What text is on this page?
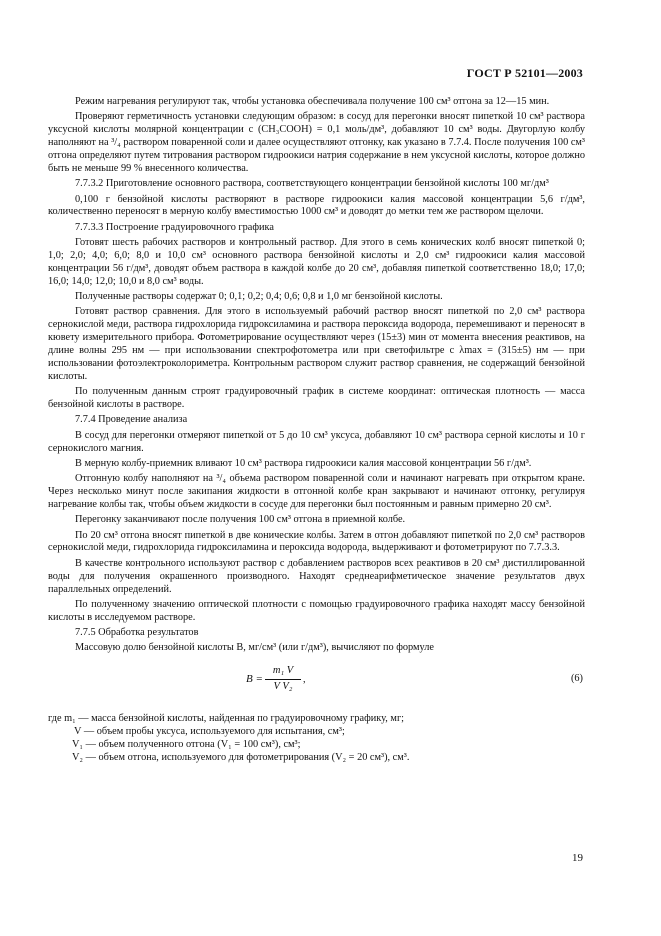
ГОСТ Р 52101—2003

Режим нагревания регулируют так, чтобы установка обеспечивала получение 100 см³ отгона за 12—15 мин.

Проверяют герметичность установки следующим образом: в сосуд для перегонки вносят пипеткой 10 см³ раствора уксусной кислоты молярной концентрации c (CH₃COOH) = 0,1 моль/дм³, добавляют 10 см³ воды. Двугорлую колбу наполняют на ³/₄ раствором поваренной соли и далее осуществляют отгонку, как указано в 7.7.4. После получения 100 см³ отгона определяют путем титрования раствором гидроокиси натрия содержание в нем уксусной кислоты, которое должно быть не меньше 99 % внесенного количества.

7.7.3.2 Приготовление основного раствора, соответствующего концентрации бензойной кислоты 100 мг/дм³

0,100 г бензойной кислоты растворяют в растворе гидроокиси калия массовой концентрации 5,6 г/дм³, количественно переносят в мерную колбу вместимостью 1000 см³ и доводят до метки тем же раствором щелочи.

7.7.3.3 Построение градуировочного графика

Готовят шесть рабочих растворов и контрольный раствор. Для этого в семь конических колб вносят пипеткой 0; 1,0; 2,0; 4,0; 6,0; 8,0 и 10,0 см³ основного раствора бензойной кислоты и 2,0 см³ гидроокиси калия массовой концентрации 56 г/дм³, доводят объем раствора в каждой колбе до 20 см³, добавляя пипеткой соответственно 18,0; 17,0; 16,0; 14,0; 12,0; 10,0 и 8,0 см³ воды.

Полученные растворы содержат 0; 0,1; 0,2; 0,4; 0,6; 0,8 и 1,0 мг бензойной кислоты.

Готовят раствор сравнения. Для этого в используемый рабочий раствор вносят пипеткой по 2,0 см³ раствора сернокислой меди, раствора гидрохлорида гидроксиламина и раствора пероксида водорода, перемешивают и переносят в кювету измерительного прибора. Фотометрирование осуществляют через (15±3) мин от момента внесения реактивов, на длине волны 295 нм — при использовании спектрофотометра или при светофильтре с λmax = (315±5) нм — при использовании фотоэлектроколориметра. Контрольным раствором служит раствор сравнения, не содержащий бензойной кислоты.

По полученным данным строят градуировочный график в системе координат: оптическая плотность — масса бензойной кислоты в растворе.

7.7.4 Проведение анализа

В сосуд для перегонки отмеряют пипеткой от 5 до 10 см³ уксуса, добавляют 10 см³ раствора серной кислоты и 10 г сернокислого магния.

В мерную колбу-приемник вливают 10 см³ раствора гидроокиси калия массовой концентрации 56 г/дм³.

Отгонную колбу наполняют на ³/₄ объема раствором поваренной соли и начинают нагревать при открытом кране. Через несколько минут после закипания жидкости в отгонной колбе кран закрывают и начинают отгонку, регулируя нагревание колбы так, чтобы объем жидкости в сосуде для перегонки был постоянным и равным примерно 20 см³.

Перегонку заканчивают после получения 100 см³ отгона в приемной колбе.

По 20 см³ отгона вносят пипеткой в две конические колбы. Затем в отгон добавляют пипеткой по 2,0 см³ растворов сернокислой меди, гидрохлорида гидроксиламина и пероксида водорода, выдерживают и фотометрируют по 7.7.3.3.

В качестве контрольного используют раствор с добавлением растворов всех реактивов в 20 см³ дистиллированной воды для получения окрашенного производного. Находят среднеарифметическое значение результатов двух параллельных определений.

По полученному значению оптической плотности с помощью градуировочного графика находят массу бензойной кислоты в исследуемом растворе.

7.7.5 Обработка результатов

Массовую долю бензойной кислоты B, мг/см³ (или г/дм³), вычисляют по формуле

$B = \frac{\text{m₁ V}}{\text{V V₂}}$ ,	(6)

где m₁ — масса бензойной кислоты, найденная по градуировочному графику, мг;

V — объем пробы уксуса, используемого для испытания, см³;

V₁ — объем полученного отгона (V₁ = 100 см³), см³;

V₂ — объем отгона, используемого для фотометрирования (V₂ = 20 см³), см³.

19
